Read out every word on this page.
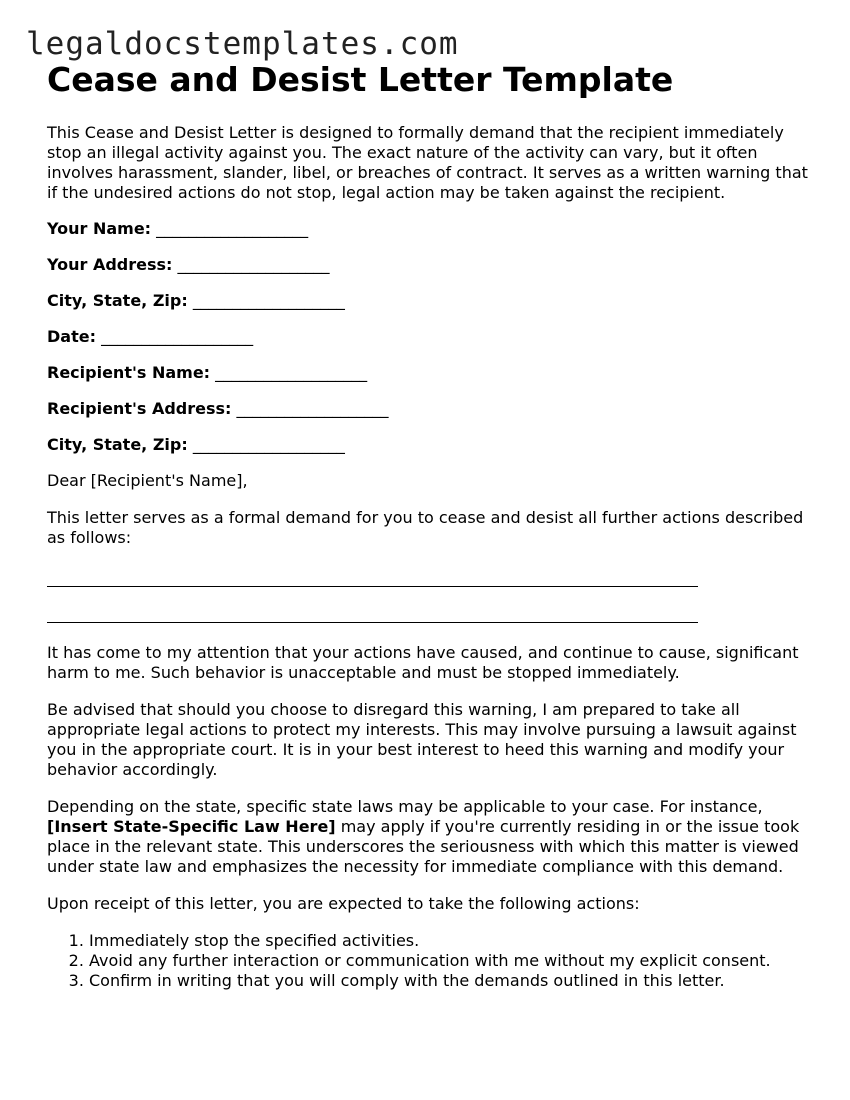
legaldocstemplates.com
Cease and Desist Letter Template

This Cease and Desist Letter is designed to formally demand that the recipient immediately stop an illegal activity against you. The exact nature of the activity can vary, but it often involves harassment, slander, libel, or breaches of contract. It serves as a written warning that if the undesired actions do not stop, legal action may be taken against the recipient.

Your Name: ___________________
Your Address: ___________________
City, State, Zip: ___________________
Date: ___________________
Recipient's Name: ___________________
Recipient's Address: ___________________
City, State, Zip: ___________________

Dear [Recipient's Name],

This letter serves as a formal demand for you to cease and desist all further actions described as follows:

It has come to my attention that your actions have caused, and continue to cause, significant harm to me. Such behavior is unacceptable and must be stopped immediately.

Be advised that should you choose to disregard this warning, I am prepared to take all appropriate legal actions to protect my interests. This may involve pursuing a lawsuit against you in the appropriate court. It is in your best interest to heed this warning and modify your behavior accordingly.

Depending on the state, specific state laws may be applicable to your case. For instance, [Insert State-Specific Law Here] may apply if you're currently residing in or the issue took place in the relevant state. This underscores the seriousness with which this matter is viewed under state law and emphasizes the necessity for immediate compliance with this demand.

Upon receipt of this letter, you are expected to take the following actions:

1. Immediately stop the specified activities.
2. Avoid any further interaction or communication with me without my explicit consent.
3. Confirm in writing that you will comply with the demands outlined in this letter.
